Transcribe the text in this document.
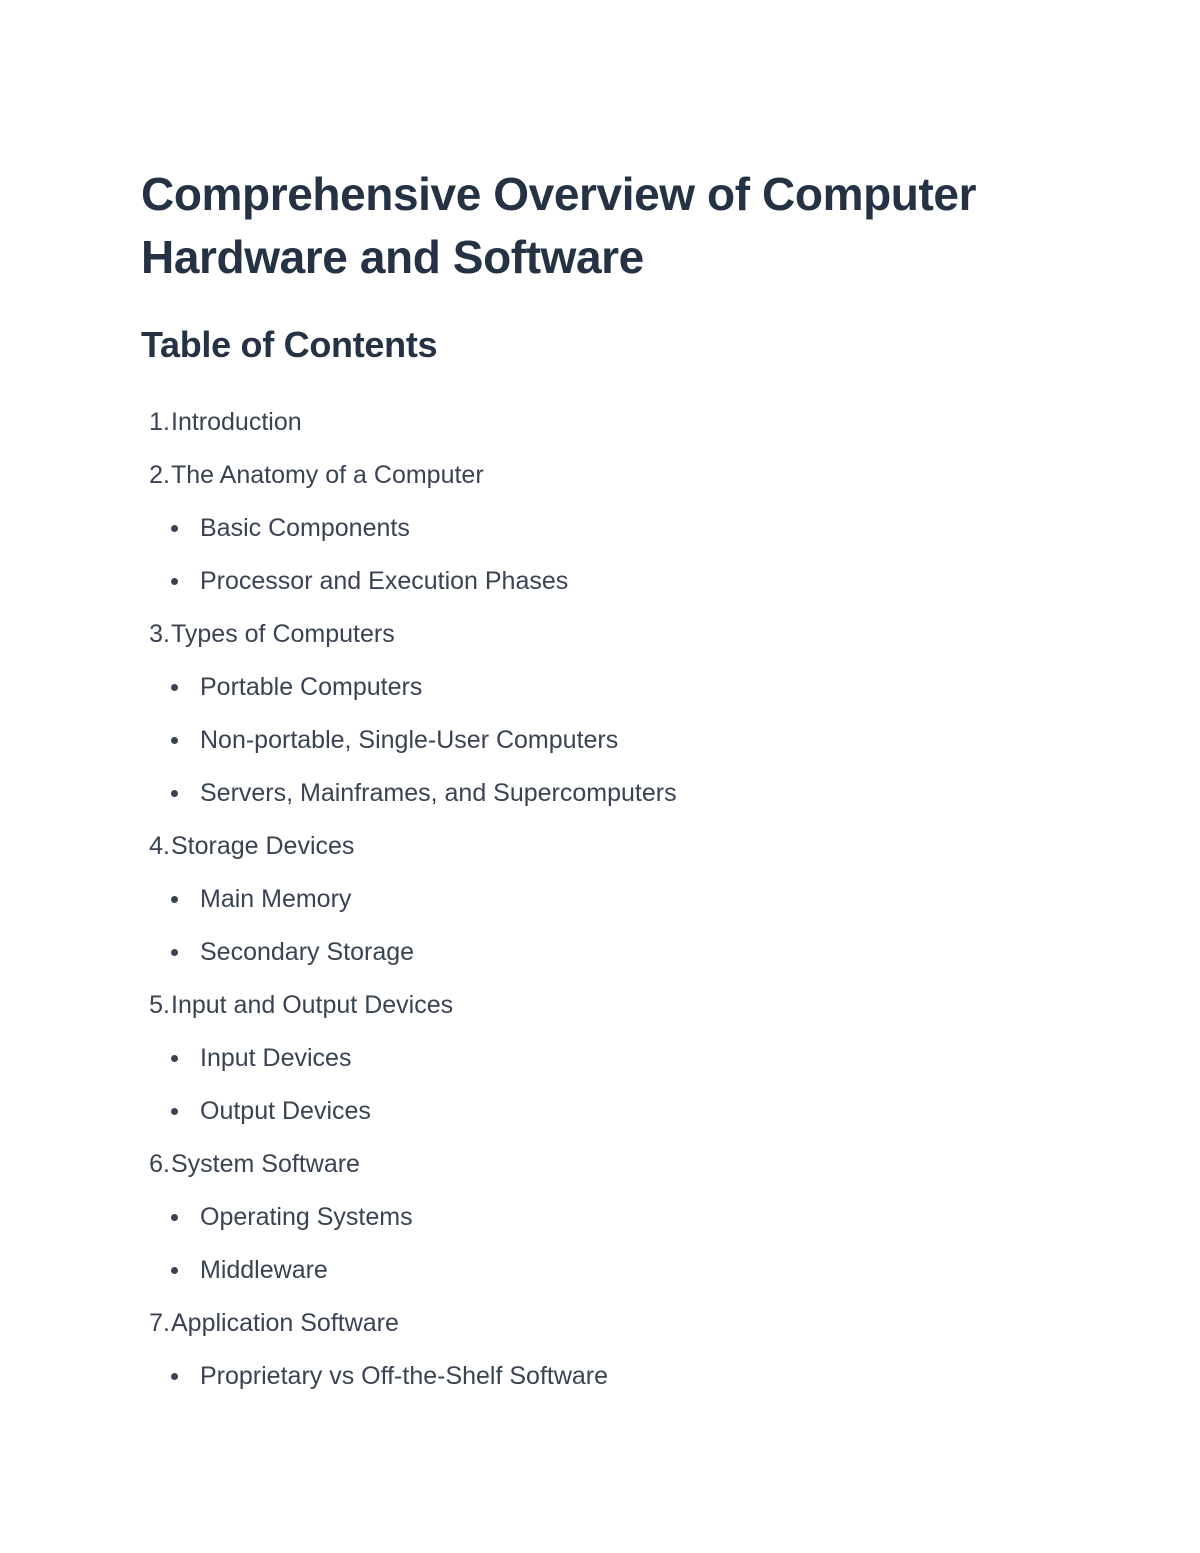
Comprehensive Overview of Computer Hardware and Software
Table of Contents
1. Introduction
2. The Anatomy of a Computer
Basic Components
Processor and Execution Phases
3. Types of Computers
Portable Computers
Non-portable, Single-User Computers
Servers, Mainframes, and Supercomputers
4. Storage Devices
Main Memory
Secondary Storage
5. Input and Output Devices
Input Devices
Output Devices
6. System Software
Operating Systems
Middleware
7. Application Software
Proprietary vs Off-the-Shelf Software
